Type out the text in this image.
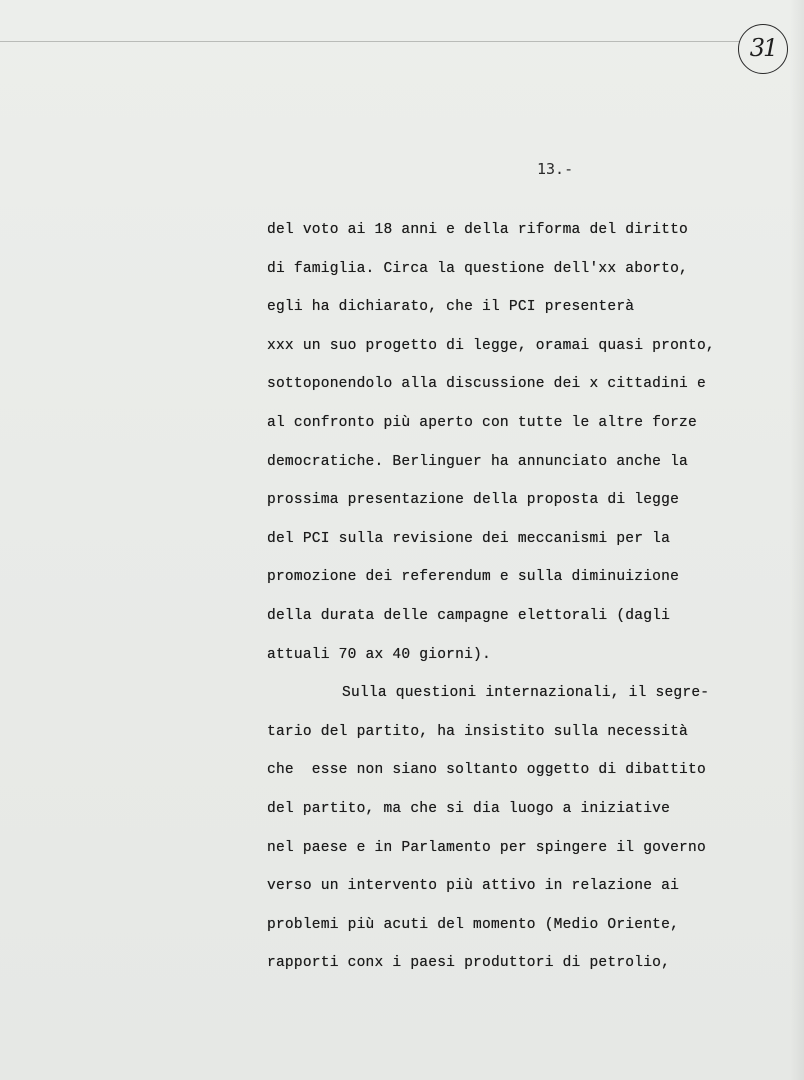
31
13.-
del voto ai 18 anni e della riforma del diritto
di famiglia. Circa la questione dell'xx aborto,
egli ha dichiarato, che il PCI presenterà
xxx un suo progetto di legge, oramai quasi pronto,
sottoponendolo alla discussione dei x cittadini e
al confronto più aperto con tutte le altre forze
democratiche. Berlinguer ha annunciato anche la
prossima presentazione della proposta di legge
del PCI sulla revisione dei meccanismi per la
promozione dei referendum e sulla diminuizione
della durata delle campagne elettorali (dagli
attuali 70 ax 40 giorni).
Sulla questioni internazionali, il segre-
tario del partito, ha insistito sulla necessità
che  esse non siano soltanto oggetto di dibattito
del partito, ma che si dia luogo a iniziative
nel paese e in Parlamento per spingere il governo
verso un intervento più attivo in relazione ai
problemi più acuti del momento (Medio Oriente,
rapporti conx i paesi produttori di petrolio,
